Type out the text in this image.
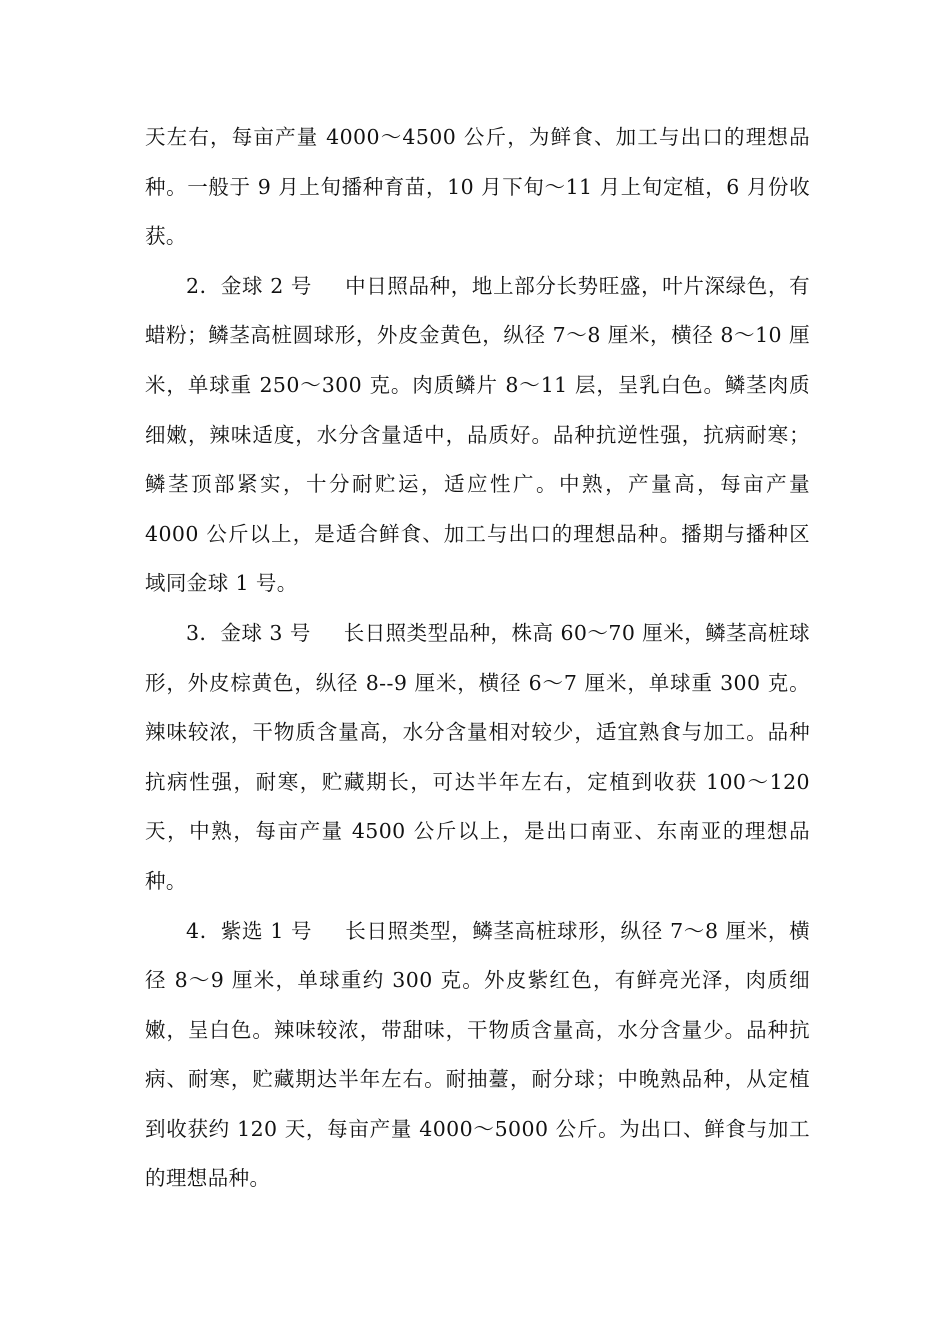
天左右，每亩产量 4000～4500 公斤，为鲜食、加工与出口的理想品种。一般于 9 月上旬播种育苗，10 月下旬～11 月上旬定植，6 月份收获。

2．金球 2 号 中日照品种，地上部分长势旺盛，叶片深绿色，有蜡粉；鳞茎高桩圆球形，外皮金黄色，纵径 7～8 厘米，横径 8～10 厘米，单球重 250～300 克。肉质鳞片 8～11 层，呈乳白色。鳞茎肉质细嫩，辣味适度，水分含量适中，品质好。品种抗逆性强，抗病耐寒；鳞茎顶部紧实，十分耐贮运，适应性广。中熟，产量高，每亩产量 4000 公斤以上，是适合鲜食、加工与出口的理想品种。播期与播种区域同金球 1 号。

3．金球 3 号 长日照类型品种，株高 60～70 厘米，鳞茎高桩球形，外皮棕黄色，纵径 8--9 厘米，横径 6～7 厘米，单球重 300 克。辣味较浓，干物质含量高，水分含量相对较少，适宜熟食与加工。品种抗病性强，耐寒，贮藏期长，可达半年左右，定植到收获 100～120 天，中熟，每亩产量 4500 公斤以上，是出口南亚、东南亚的理想品种。

4．紫选 1 号 长日照类型，鳞茎高桩球形，纵径 7～8 厘米，横径 8～9 厘米，单球重约 300 克。外皮紫红色，有鲜亮光泽，肉质细嫩，呈白色。辣味较浓，带甜味，干物质含量高，水分含量少。品种抗病、耐寒，贮藏期达半年左右。耐抽薹，耐分球；中晚熟品种，从定植到收获约 120 天，每亩产量 4000～5000 公斤。为出口、鲜食与加工的理想品种。
